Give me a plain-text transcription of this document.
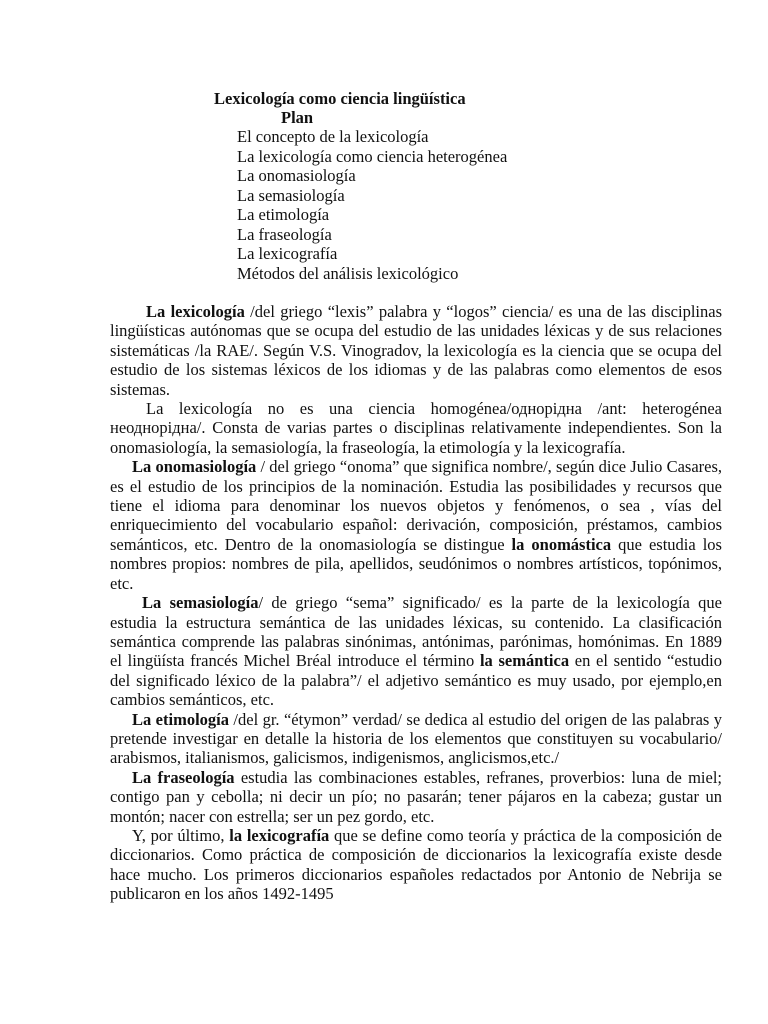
Lexicología como ciencia lingüística
Plan
El concepto de la lexicología
La lexicología como ciencia heterogénea
La onomasiología
La semasiología
La etimología
La fraseología
La lexicografía
Métodos del análisis lexicológico

La lexicología /del griego “lexis” palabra y “logos” ciencia/ es una de las disciplinas lingüísticas autónomas que se ocupa del estudio de las unidades léxicas y de sus relaciones sistemáticas /la RAE/. Según V.S. Vinogradov, la lexicología es la ciencia que se ocupa del estudio de los sistemas léxicos de los idiomas y de las palabras como elementos de esos sistemas.

La lexicología no es una ciencia homogénea/однорідна /ant: heterogénea неоднорідна/. Consta de varias partes o disciplinas relativamente independientes. Son la onomasiología, la semasiología, la fraseología, la etimología y la lexicografía.

La onomasiología / del griego “onoma” que significa nombre/, según dice Julio Casares, es el estudio de los principios de la nominación. Estudia las posibilidades y recursos que tiene el idioma para denominar los nuevos objetos y fenómenos, o sea , vías del enriquecimiento del vocabulario español: derivación, composición, préstamos, cambios semánticos, etc. Dentro de la onomasiología se distingue la onomástica que estudia los nombres propios: nombres de pila, apellidos, seudónimos o nombres artísticos, topónimos, etc.

La semasiología/ de griego “sema” significado/ es la parte de la lexicología que estudia la estructura semántica de las unidades léxicas, su contenido. La clasificación semántica comprende las palabras sinónimas, antónimas, parónimas, homónimas. En 1889 el lingüísta francés Michel Bréal introduce el término la semántica en el sentido “estudio del significado léxico de la palabra”/ el adjetivo semántico es muy usado, por ejemplo,en cambios semánticos, etc.

La etimología /del gr. “étymon” verdad/ se dedica al estudio del origen de las palabras y pretende investigar en detalle la historia de los elementos que constituyen su vocabulario/ arabismos, italianismos, galicismos, indigenismos, anglicismos,etc./

La fraseología estudia las combinaciones estables, refranes, proverbios: luna de miel; contigo pan y cebolla; ni decir un pío; no pasarán; tener pájaros en la cabeza; gustar un montón; nacer con estrella; ser un pez gordo, etc.

Y, por último, la lexicografía que se define como teoría y práctica de la composición de diccionarios. Como práctica de composición de diccionarios la lexicografía existe desde hace mucho. Los primeros diccionarios españoles redactados por Antonio de Nebrija se publicaron en los años 1492-1495
